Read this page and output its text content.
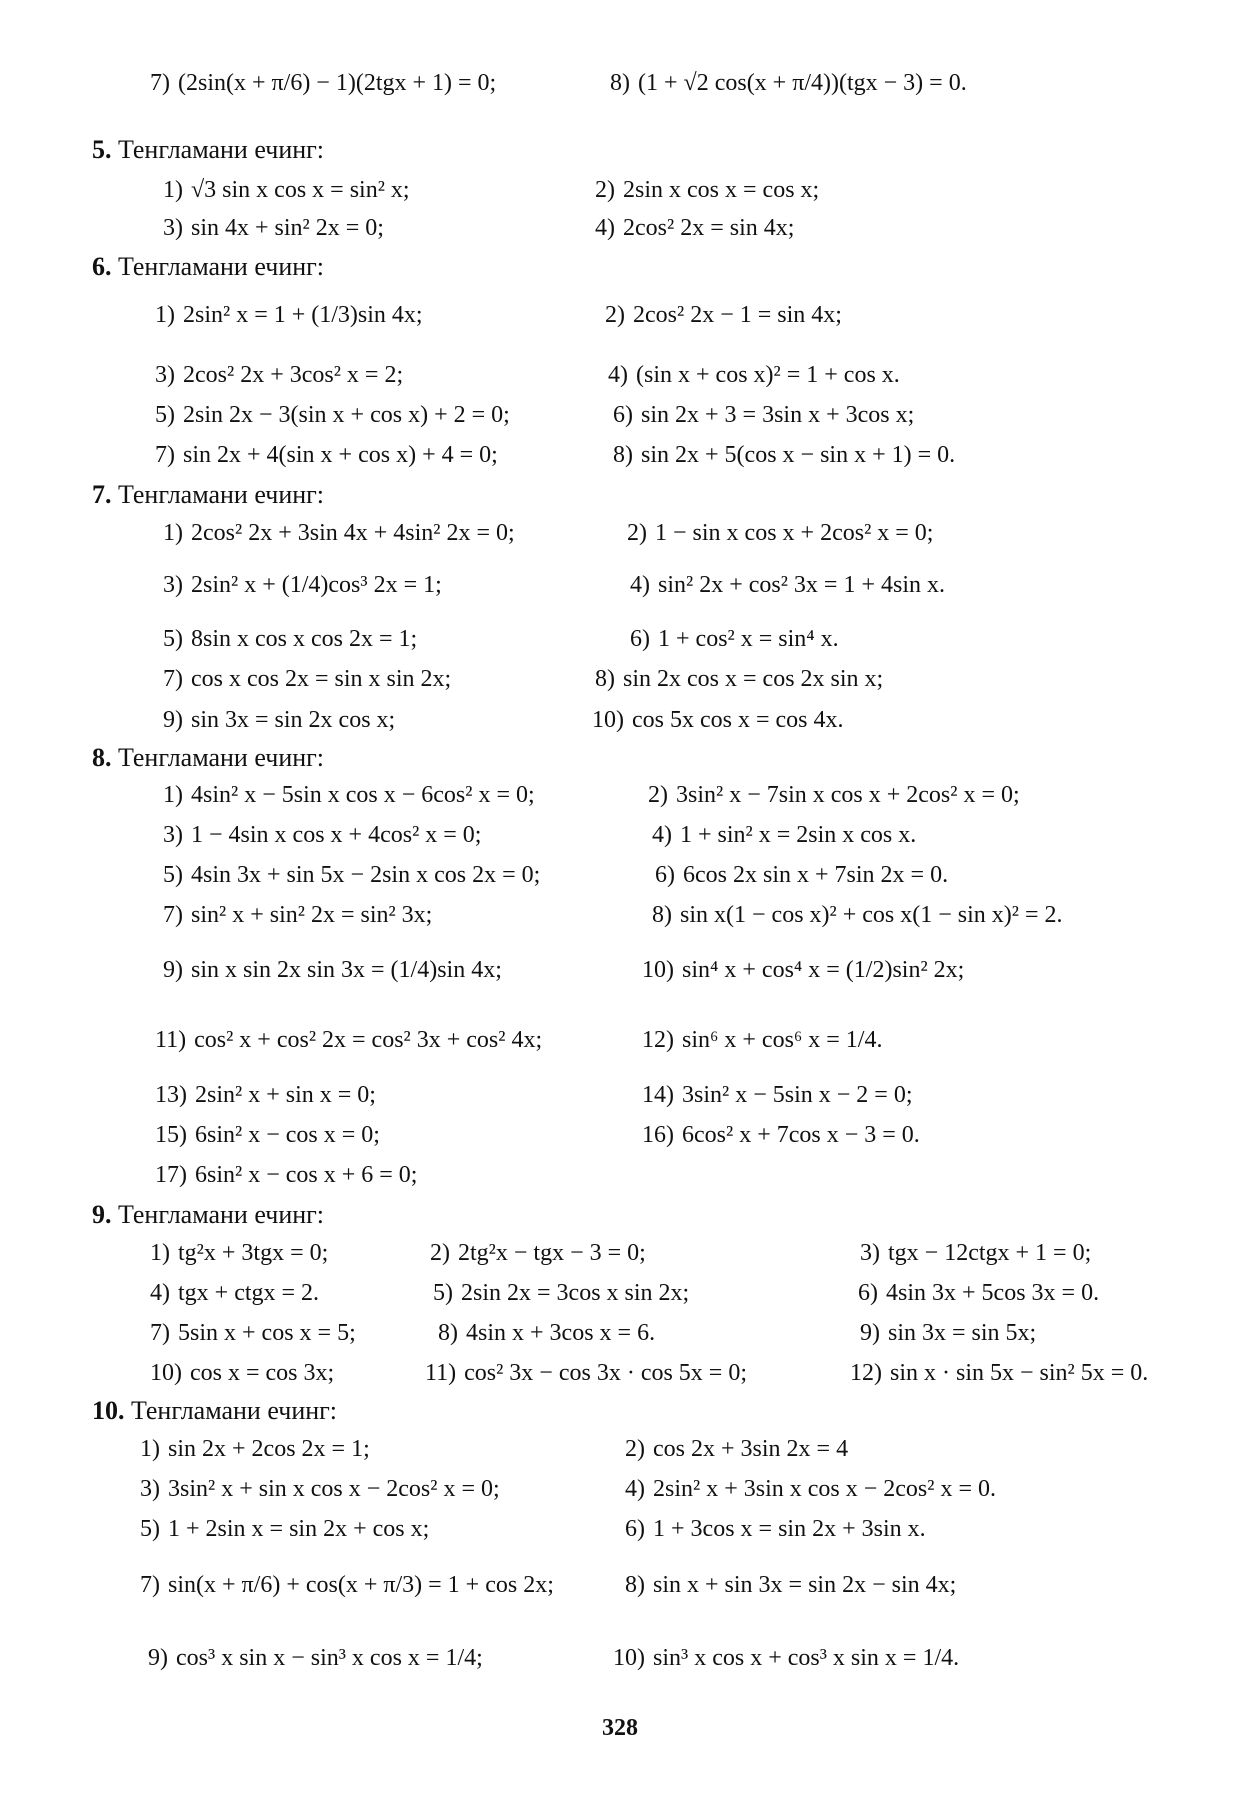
7) (2sin(x + π/6) − 1)(2tgx + 1) = 0;	8) (1 + √2 cos(x + π/4))(tgx − 3) = 0.
5. Тенгламани ечинг:
1) √3 sin x cos x = sin² x;	2) 2sin x cos x = cos x;
3) sin 4x + sin² 2x = 0;	4) 2cos² 2x = sin 4x;
6. Тенгламани ечинг:
1) 2sin² x = 1 + (1/3)sin 4x;	2) 2cos² 2x − 1 = sin 4x;
3) 2cos² 2x + 3cos² x = 2;	4) (sin x + cos x)² = 1 + cos x.
5) 2sin 2x − 3(sin x + cos x) + 2 = 0;	6) sin 2x + 3 = 3sin x + 3cos x;
7) sin 2x + 4(sin x + cos x) + 4 = 0;	8) sin 2x + 5(cos x − sin x + 1) = 0.
7. Тенгламани ечинг:
1) 2cos² 2x + 3sin 4x + 4sin² 2x = 0;	2) 1 − sin x cos x + 2cos² x = 0;
3) 2sin² x + (1/4)cos³ 2x = 1;	4) sin² 2x + cos² 3x = 1 + 4sin x.
5) 8sin x cos x cos 2x = 1;	6) 1 + cos² x = sin⁴ x.
7) cos x cos 2x = sin x sin 2x;	8) sin 2x cos x = cos 2x sin x;
9) sin 3x = sin 2x cos x;	10) cos 5x cos x = cos 4x.
8. Тенгламани ечинг:
1) 4sin² x − 5sin x cos x − 6cos² x = 0;	2) 3sin² x − 7sin x cos x + 2cos² x = 0;
3) 1 − 4sin x cos x + 4cos² x = 0;	4) 1 + sin² x = 2sin x cos x.
5) 4sin 3x + sin 5x − 2sin x cos 2x = 0;	6) 6cos 2x sin x + 7sin 2x = 0.
7) sin² x + sin² 2x = sin² 3x;	8) sin x(1 − cos x)² + cos x(1 − sin x)² = 2.
9) sin x sin 2x sin 3x = (1/4)sin 4x;	10) sin⁴ x + cos⁴ x = (1/2)sin² 2x;
11) cos² x + cos² 2x = cos² 3x + cos² 4x;	12) sin⁶ x + cos⁶ x = 1/4.
13) 2sin² x + sin x = 0;	14) 3sin² x − 5sin x − 2 = 0;
15) 6sin² x − cos x = 0;	16) 6cos² x + 7cos x − 3 = 0.
17) 6sin² x − cos x + 6 = 0;
9. Тенгламани ечинг:
1) tg²x + 3tgx = 0;	2) 2tg²x − tgx − 3 = 0;	3) tgx − 12ctgx + 1 = 0;
4) tgx + ctgx = 2.	5) 2sin 2x = 3cos x sin 2x;	6) 4sin 3x + 5cos 3x = 0.
7) 5sin x + cos x = 5;	8) 4sin x + 3cos x = 6.	9) sin 3x = sin 5x;
10) cos x = cos 3x;	11) cos² 3x − cos 3x · cos 5x = 0;	12) sin x · sin 5x − sin² 5x = 0.
10. Тенгламани ечинг:
1) sin 2x + 2cos 2x = 1;	2) cos 2x + 3sin 2x = 4
3) 3sin² x + sin x cos x − 2cos² x = 0;	4) 2sin² x + 3sin x cos x − 2cos² x = 0.
5) 1 + 2sin x = sin 2x + cos x;	6) 1 + 3cos x = sin 2x + 3sin x.
7) sin(x + π/6) + cos(x + π/3) = 1 + cos 2x;	8) sin x + sin 3x = sin 2x − sin 4x;
9) cos³ x sin x − sin³ x cos x = 1/4;	10) sin³ x cos x + cos³ x sin x = 1/4.
328
